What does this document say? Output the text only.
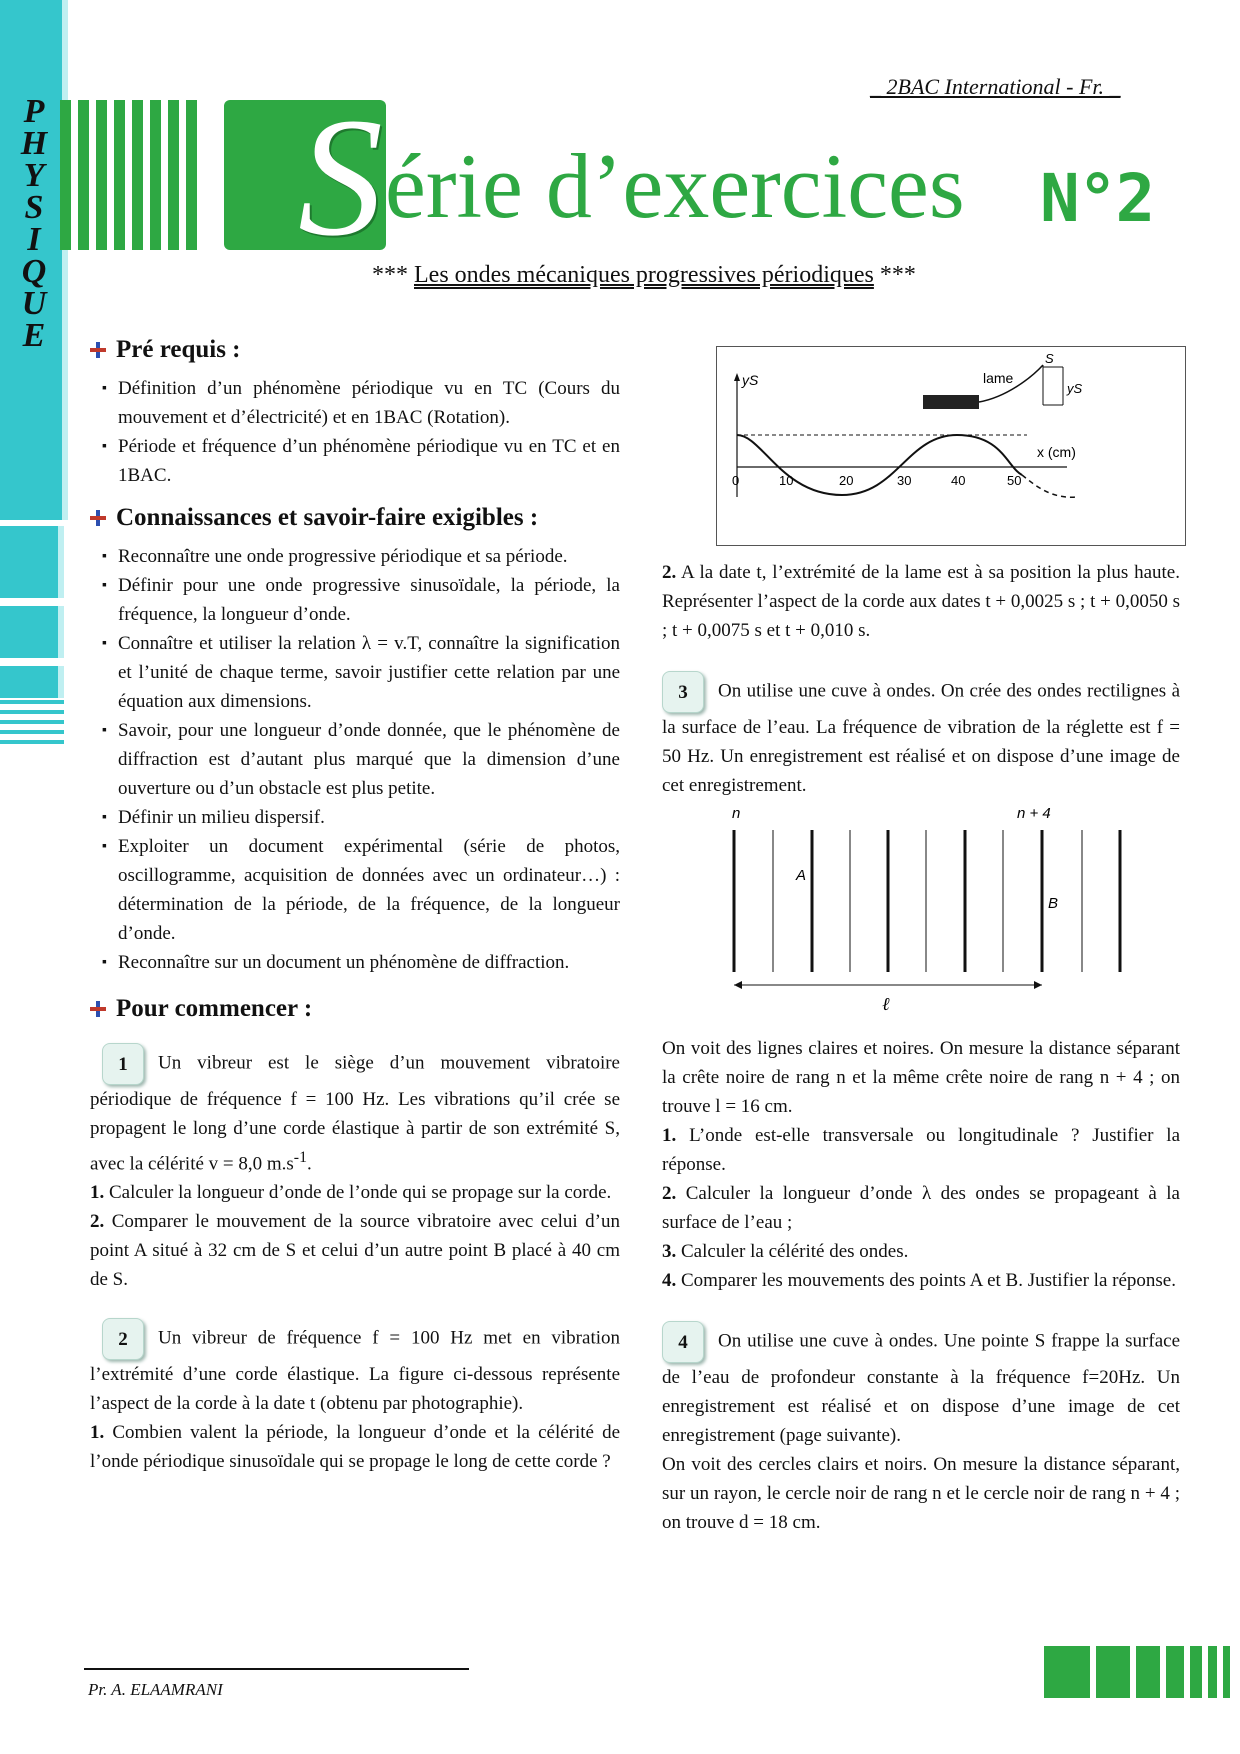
P
H
Y
S
I
Q
U
E
_ 2BAC International - Fr. _
S érie d’exercices N°2
*** Les ondes mécaniques progressives périodiques ***
Pré requis :
▪ Définition d’un phénomène périodique vu en TC (Cours du mouvement et d’électricité) et en 1BAC (Rotation).
▪ Période et fréquence d’un phénomène périodique vu en TC et en 1BAC.
Connaissances et savoir-faire exigibles :
▪ Reconnaître une onde progressive périodique et sa période.
▪ Définir pour une onde progressive sinusoïdale, la période, la fréquence, la longueur d’onde.
▪ Connaître et utiliser la relation λ = v.T, connaître la signification et l’unité de chaque terme, savoir justifier cette relation par une équation aux dimensions.
▪ Savoir, pour une longueur d’onde donnée, que le phénomène de diffraction est d’autant plus marqué que la dimension d’une ouverture ou d’un obstacle est plus petite.
▪ Définir un milieu dispersif.
▪ Exploiter un document expérimental (série de photos, oscillogramme, acquisition de données avec un ordinateur…) : détermination de la période, de la fréquence, de la longueur d’onde.
▪ Reconnaître sur un document un phénomène de diffraction.
Pour commencer :

1 Un vibreur est le siège d’un mouvement vibratoire périodique de fréquence f = 100 Hz. Les vibrations qu’il crée se propagent le long d’une corde élastique à partir de son extrémité S, avec la célérité v = 8,0 $m.s^{-1}$.

1. Calculer la longueur d’onde de l’onde qui se propage sur la corde.

2. Comparer le mouvement de la source vibratoire avec celui d’un point A situé à 32 cm de S et celui d’un autre point B placé à 40 cm de S.

2 Un vibreur de fréquence f = 100 Hz met en vibration l’extrémité d’une corde élastique. La figure ci-dessous représente l’aspect de la corde à la date t (obtenu par photographie).

1. Combien valent la période, la longueur d’onde et la célérité de l’onde périodique sinusoïdale qui se propage le long de cette corde ?

yS
x (cm)
0	10	20	30	40	50
lame
S
yS

2. A la date t, l’extrémité de la lame est à sa position la plus haute. Représenter l’aspect de la corde aux dates t + 0,0025 s ; t + 0,0050 s ; t + 0,0075 s et t + 0,010 s.

3 On utilise une cuve à ondes. On crée des ondes rectilignes à la surface de l’eau. La fréquence de vibration de la réglette est f = 50 Hz. Un enregistrement est réalisé et on dispose d’une image de cet enregistrement.

n	n + 4
A
B
ℓ

On voit des lignes claires et noires. On mesure la distance séparant la crête noire de rang n et la même crête noire de rang n + 4 ; on trouve l = 16 cm.

1. L’onde est-elle transversale ou longitudinale ? Justifier la réponse.

2. Calculer la longueur d’onde λ des ondes se propageant à la surface de l’eau ;

3. Calculer la célérité des ondes.

4. Comparer les mouvements des points A et B. Justifier la réponse.

4 On utilise une cuve à ondes. Une pointe S frappe la surface de l’eau de profondeur constante à la fréquence f=20Hz. Un enregistrement est réalisé et on dispose d’une image de cet enregistrement (page suivante).

On voit des cercles clairs et noirs. On mesure la distance séparant, sur un rayon, le cercle noir de rang n et le cercle noir de rang n + 4 ; on trouve d = 18 cm.

Pr. A. ELAAMRANI
